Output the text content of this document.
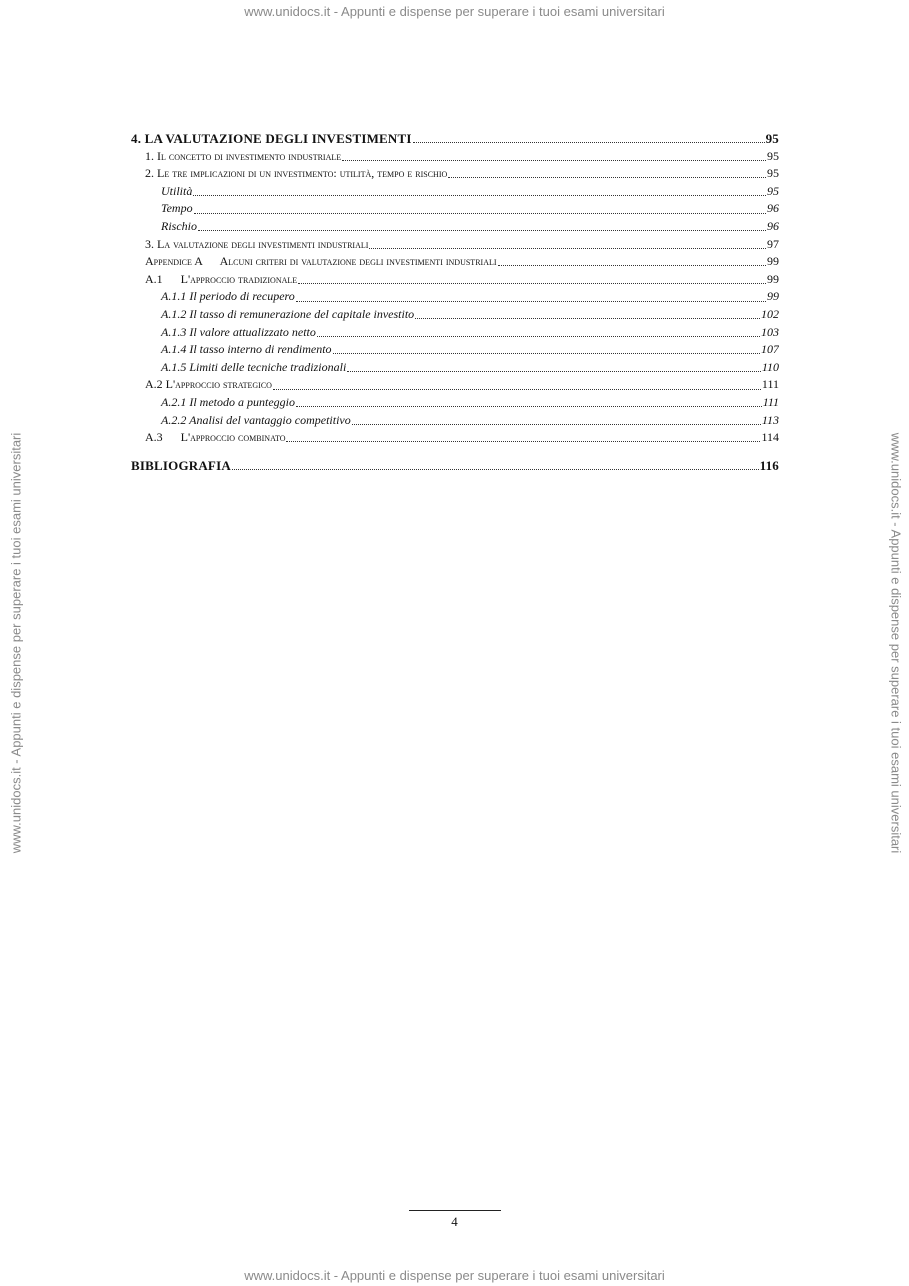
www.unidocs.it - Appunti e dispense per superare i tuoi esami universitari
www.unidocs.it - Appunti e dispense per superare i tuoi esami universitari	www.unidocs.it - Appunti e dispense per superare i tuoi esami universitari
4. LA VALUTAZIONE DEGLI INVESTIMENTI	95
1. Il concetto di investimento industriale	95
2. Le tre implicazioni di un investimento: utilità, tempo e rischio	95
Utilità	95
Tempo	96
Rischio	96
3. La valutazione degli investimenti industriali	97
Appendice A      Alcuni criteri di valutazione degli investimenti industriali	99
A.1      L'approccio tradizionale	99
A.1.1 Il periodo di recupero	99
A.1.2 Il tasso di remunerazione del capitale investito	102
A.1.3 Il valore attualizzato netto	103
A.1.4 Il tasso interno di rendimento	107
A.1.5 Limiti delle tecniche tradizionali	110
A.2 L'approccio strategico	111
A.2.1 Il metodo a punteggio	111
A.2.2 Analisi del vantaggio competitivo	113
A.3      L'approccio combinato	114
BIBLIOGRAFIA	116
4
www.unidocs.it - Appunti e dispense per superare i tuoi esami universitari
